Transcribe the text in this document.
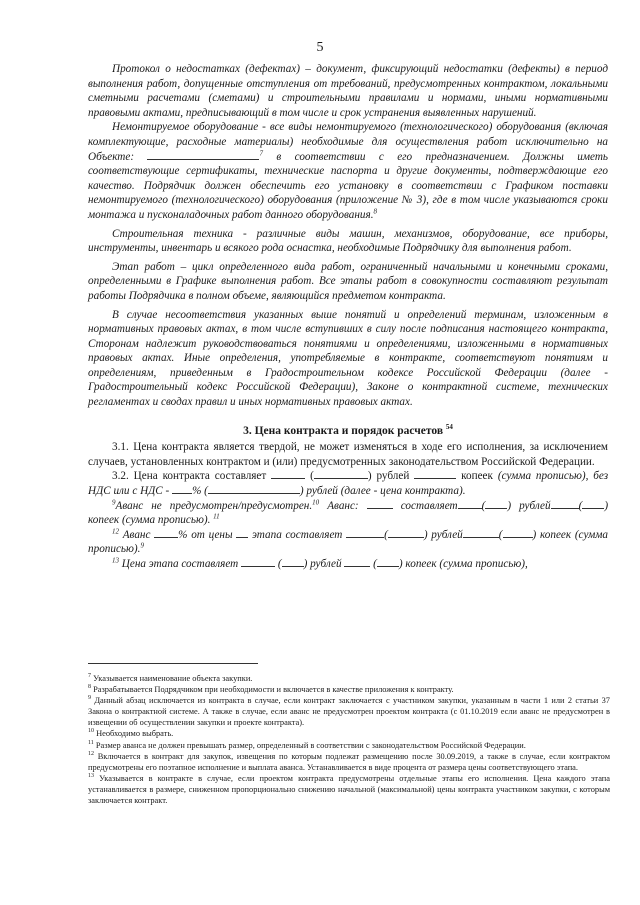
5

Протокол о недостатках (дефектах) – документ, фиксирующий недостатки (дефекты) в период выполнения работ, допущенные отступления от требований, предусмотренных контрактом, локальными сметными расчетами (сметами) и строительными правилами и нормами, иными нормативными правовыми актами, предписывающий в том числе и срок устранения выявленных нарушений.

Немонтируемое оборудование - все виды немонтируемого (технологического) оборудования (включая комплектующие, расходные материалы) необходимые для осуществления работ исключительно на Объекте:	$^7$ в соответствии с его предназначением. Должны иметь соответствующие сертификаты, технические паспорта и другие документы, подтверждающие его качество. Подрядчик должен обеспечить его установку в соответствии с Графиком поставки немонтируемого (технологического) оборудования (приложение № 3), где в том числе указываются сроки монтажа и пусконаладочных работ данного оборудования.$^8$

Строительная техника - различные виды машин, механизмов, оборудование, все приборы, инструменты, инвентарь и всякого рода оснастка, необходимые Подрядчику для выполнения работ.

Этап работ – цикл определенного вида работ, ограниченный начальными и конечными сроками, определенными в Графике выполнения работ. Все этапы работ в совокупности составляют результат работы Подрядчика в полном объеме, являющийся предметом контракта.

В случае несоответствия указанных выше понятий и определений терминам, изложенным в нормативных правовых актах, в том числе вступивших в силу после подписания настоящего контракта, Сторонам надлежит руководствоваться понятиями и определениями, изложенными в нормативных правовых актах. Иные определения, употребляемые в контракте, соответствуют понятиям и определениям, приведенным в Градостроительном кодексе Российской Федерации (далее - Градостроительный кодекс Российской Федерации), Законе о контрактной системе, технических регламентах и сводах правил и иных нормативных правовых актах.

3. Цена контракта и порядок расчетов $^{54}$

3.1. Цена контракта является твердой, не может изменяться в ходе его исполнения, за исключением случаев, установленных контрактом и (или) предусмотренных законодательством Российской Федерации.

3.2. Цена контракта составляет	(	) рублей	копеек (сумма прописью), без НДС или с НДС - % (	) рублей (далее - цена контракта).

$^9$Аванс не предусмотрен/предусмотрен.$^{10}$ Аванс:	составляет ( ) рублей	( ) копеек (сумма прописью). $^{11}$

$^{12}$ Аванс % от цены этапа составляет	(	) рублей	(	) копеек (сумма прописью).$^9$

$^{13}$ Цена этапа составляет	( ) рублей	( ) копеек (сумма прописью),

$^7$ Указывается наименование объекта закупки.

$^8$ Разрабатывается Подрядчиком при необходимости и включается в качестве приложения к контракту.

$^9$ Данный абзац исключается из контракта в случае, если контракт заключается с участником закупки, указанным в части 1 или 2 статьи 37 Закона о контрактной системе. А также в случае, если аванс не предусмотрен проектом контракта (с 01.10.2019 если аванс не предусмотрен в извещении об осуществлении закупки и проекте контракта).

$^{10}$ Необходимо выбрать.

$^{11}$ Размер аванса не должен превышать размер, определенный в соответствии с законодательством Российской Федерации.

$^{12}$ Включается в контракт для закупок, извещения по которым подлежат размещению после 30.09.2019, а также в случае, если контрактом предусмотрены его поэтапное исполнение и выплата аванса. Устанавливается в виде процента от размера цены соответствующего этапа.

$^{13}$ Указывается в контракте в случае, если проектом контракта предусмотрены отдельные этапы его исполнения. Цена каждого этапа устанавливается в размере, сниженном пропорционально снижению начальной (максимальной) цены контракта участником закупки, с которым заключается контракт.
